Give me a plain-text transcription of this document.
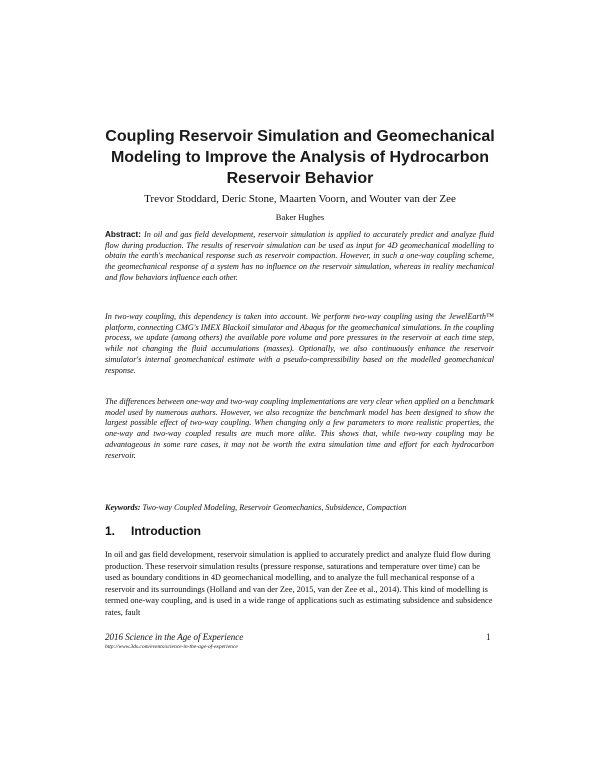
Coupling Reservoir Simulation and Geomechanical Modeling to Improve the Analysis of Hydrocarbon Reservoir Behavior
Trevor Stoddard, Deric Stone, Maarten Voorn, and Wouter van der Zee
Baker Hughes
Abstract: In oil and gas field development, reservoir simulation is applied to accurately predict and analyze fluid flow during production. The results of reservoir simulation can be used as input for 4D geomechanical modelling to obtain the earth's mechanical response such as reservoir compaction. However, in such a one-way coupling scheme, the geomechanical response of a system has no influence on the reservoir simulation, whereas in reality mechanical and flow behaviors influence each other.
In two-way coupling, this dependency is taken into account. We perform two-way coupling using the JewelEarth™ platform, connecting CMG's IMEX Blackoil simulator and Abaqus for the geomechanical simulations. In the coupling process, we update (among others) the available pore volume and pore pressures in the reservoir at each time step, while not changing the fluid accumulations (masses). Optionally, we also continuously enhance the reservoir simulator's internal geomechanical estimate with a pseudo-compressibility based on the modelled geomechanical response.
The differences between one-way and two-way coupling implementations are very clear when applied on a benchmark model used by numerous authors. However, we also recognize the benchmark model has been designed to show the largest possible effect of two-way coupling. When changing only a few parameters to more realistic properties, the one-way and two-way coupled results are much more alike. This shows that, while two-way coupling may be advantageous in some rare cases, it may not be worth the extra simulation time and effort for each hydrocarbon reservoir.
Keywords: Two-way Coupled Modeling, Reservoir Geomechanics, Subsidence, Compaction
1. Introduction
In oil and gas field development, reservoir simulation is applied to accurately predict and analyze fluid flow during production. These reservoir simulation results (pressure response, saturations and temperature over time) can be used as boundary conditions in 4D geomechanical modelling, and to analyze the full mechanical response of a reservoir and its surroundings (Holland and van der Zee, 2015, van der Zee et al., 2014). This kind of modelling is termed one-way coupling, and is used in a wide range of applications such as estimating subsidence and subsidence rates, fault
2016 Science in the Age of Experience
http://www.3ds.com/events/science-in-the-age-of-experience
1
